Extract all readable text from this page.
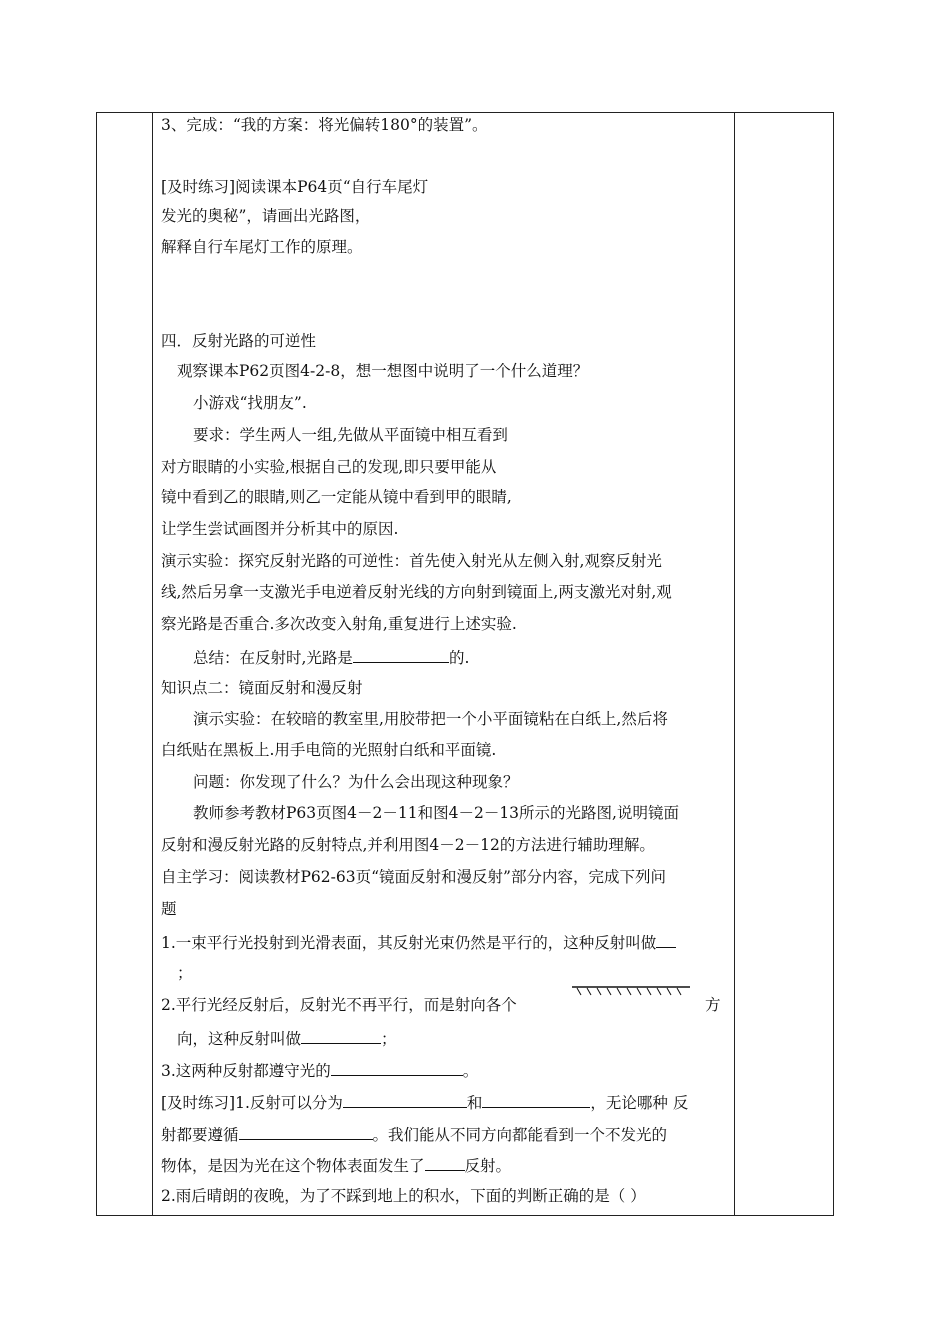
3、完成：“我的方案：将光偏转180°的装置”。
[及时练习]阅读课本P64页“自行车尾灯
发光的奥秘”，请画出光路图，
解释自行车尾灯工作的原理。
四．反射光路的可逆性
观察课本P62页图4-2-8，想一想图中说明了一个什么道理？
小游戏“找朋友”.
要求：学生两人一组,先做从平面镜中相互看到
对方眼睛的小实验,根据自己的发现,即只要甲能从
镜中看到乙的眼睛,则乙一定能从镜中看到甲的眼睛,
让学生尝试画图并分析其中的原因.
演示实验：探究反射光路的可逆性：首先使入射光从左侧入射,观察反射光
线,然后另拿一支激光手电逆着反射光线的方向射到镜面上,两支激光对射,观
察光路是否重合.多次改变入射角,重复进行上述实验.
总结：在反射时,光路是	的.
知识点二：镜面反射和漫反射
演示实验：在较暗的教室里,用胶带把一个小平面镜粘在白纸上,然后将
白纸贴在黑板上.用手电筒的光照射白纸和平面镜.
问题：你发现了什么？为什么会出现这种现象？
教师参考教材P63页图4－2－11和图4－2－13所示的光路图,说明镜面
反射和漫反射光路的反射特点,并利用图4－2－12的方法进行辅助理解。
自主学习：阅读教材P62-63页“镜面反射和漫反射”部分内容，完成下列问
题
1.一束平行光投射到光滑表面，其反射光束仍然是平行的，这种反射叫做
；
2.平行光经反射后，反射光不再平行，而是射向各个	方
向，这种反射叫做	；
3.这两种反射都遵守光的	。
[及时练习]1.反射可以分为	和	，无论哪种 反
射都要遵循	。我们能从不同方向都能看到一个不发光的
物体，是因为光在这个物体表面发生了	反射。
2.雨后晴朗的夜晚，为了不踩到地上的积水，下面的判断正确的是（ ）
